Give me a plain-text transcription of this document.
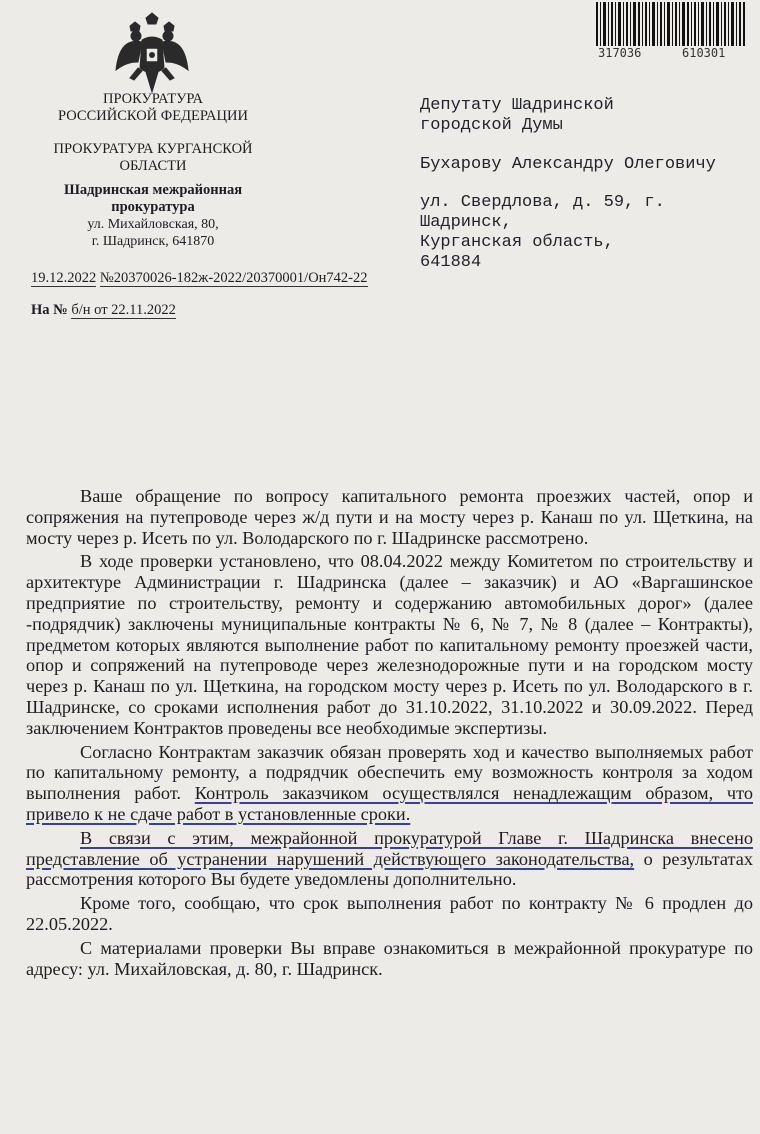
317036	610301
ПРОКУРАТУРА
РОССИЙСКОЙ ФЕДЕРАЦИИ
ПРОКУРАТУРА КУРГАНСКОЙ
ОБЛАСТИ
Шадринская межрайонная
прокуратура
ул. Михайловская, 80,
г. Шадринск, 641870
19.12.2022 №20370026-182ж-2022/20370001/Он742-22
На № б/н от 22.11.2022
Депутату Шадринской
городской Думы
Бухарову Александру Олеговичу
ул. Свердлова, д. 59, г. Шадринск,
Курганская область,
641884

Ваше обращение по вопросу капитального ремонта проезжих частей, опор и сопряжения на путепроводе через ж/д пути и на мосту через р. Канаш по ул. Щеткина, на мосту через р. Исеть по ул. Володарского по г. Шадринске рассмотрено.

В ходе проверки установлено, что 08.04.2022 между Комитетом по строительству и архитектуре Администрации г. Шадринска (далее – заказчик) и АО «Варгашинское предприятие по строительству, ремонту и содержанию автомобильных дорог» (далее -подрядчик) заключены муниципальные контракты № 6, № 7, № 8 (далее – Контракты), предметом которых являются выполнение работ по капитальному ремонту проезжей части, опор и сопряжений на путепроводе через железнодорожные пути и на городском мосту через р. Канаш по ул. Щеткина, на городском мосту через р. Исеть по ул. Володарского в г. Шадринске, со сроками исполнения работ до 31.10.2022, 31.10.2022 и 30.09.2022. Перед заключением Контрактов проведены все необходимые экспертизы.

Согласно Контрактам заказчик обязан проверять ход и качество выполняемых работ по капитальному ремонту, а подрядчик обеспечить ему возможность контроля за ходом выполнения работ. Контроль заказчиком осуществлялся ненадлежащим образом, что привело к не сдаче работ в установленные сроки.

В связи с этим, межрайонной прокуратурой Главе г. Шадринска внесено представление об устранении нарушений действующего законодательства, о результатах рассмотрения которого Вы будете уведомлены дополнительно.

Кроме того, сообщаю, что срок выполнения работ по контракту № 6 продлен до 22.05.2022.

С материалами проверки Вы вправе ознакомиться в межрайонной прокуратуре по адресу: ул. Михайловская, д. 80, г. Шадринск.
